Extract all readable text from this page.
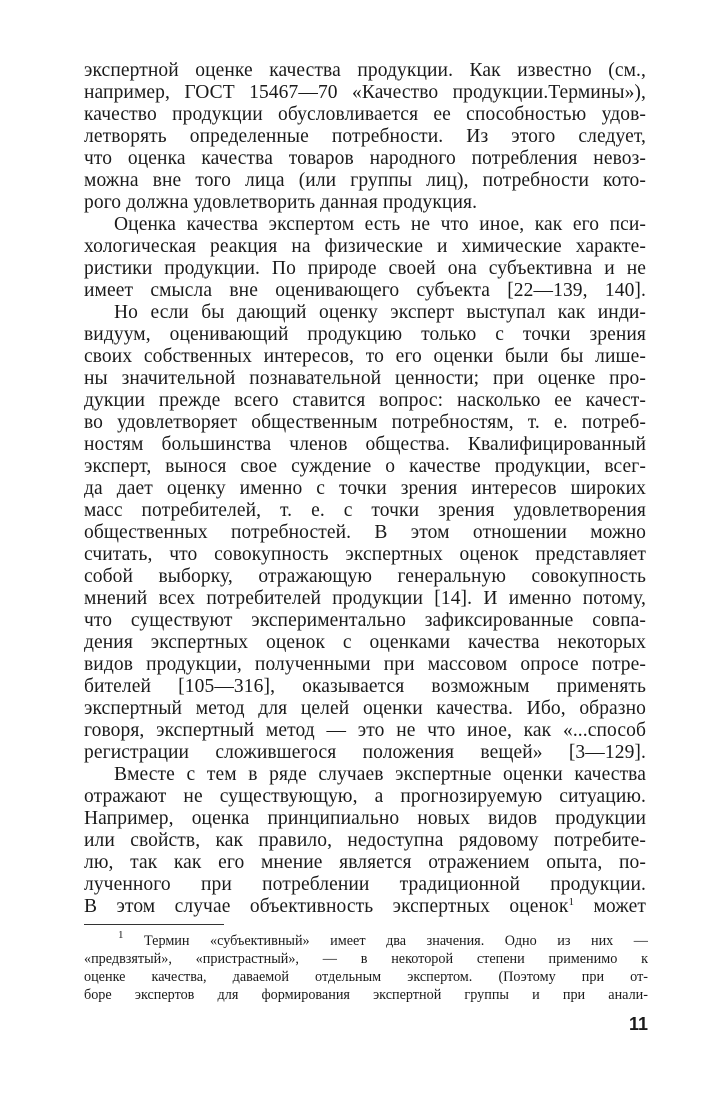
экспертной оценке качества продукции. Как известно (см.,
например, ГОСТ 15467—70 «Качество продукции.Термины»),
качество продукции обусловливается ее способностью удов-
летворять определенные потребности. Из этого следует,
что оценка качества товаров народного потребления невоз-
можна вне того лица (или группы лиц), потребности кото-
рого должна удовлетворить данная продукция.
Оценка качества экспертом есть не что иное, как его пси-
хологическая реакция на физические и химические характе-
ристики продукции. По природе своей она субъективна и не
имеет смысла вне оценивающего субъекта [22—139, 140].
Но если бы дающий оценку эксперт выступал как инди-
видуум, оценивающий продукцию только с точки зрения
своих собственных интересов, то его оценки были бы лише-
ны значительной познавательной ценности; при оценке про-
дукции прежде всего ставится вопрос: насколько ее качест-
во удовлетворяет общественным потребностям, т. е. потреб-
ностям большинства членов общества. Квалифицированный
эксперт, вынося свое суждение о качестве продукции, всег-
да дает оценку именно с точки зрения интересов широких
масс потребителей, т. е. с точки зрения удовлетворения
общественных потребностей. В этом отношении можно
считать, что совокупность экспертных оценок представляет
собой выборку, отражающую генеральную совокупность
мнений всех потребителей продукции [14]. И именно потому,
что существуют экспериментально зафиксированные совпа-
дения экспертных оценок с оценками качества некоторых
видов продукции, полученными при массовом опросе потре-
бителей [105—316], оказывается возможным применять
экспертный метод для целей оценки качества. Ибо, образно
говоря, экспертный метод — это не что иное, как «...способ
регистрации сложившегося положения вещей» [3—129].
Вместе с тем в ряде случаев экспертные оценки качества
отражают не существующую, а прогнозируемую ситуацию.
Например, оценка принципиально новых видов продукции
или свойств, как правило, недоступна рядовому потребите-
лю, так как его мнение является отражением опыта, по-
лученного при потреблении традиционной продукции.
В этом случае объективность экспертных оценок$^1$ может
$^1$ Термин «субъективный» имеет два значения. Одно из них —
«предвзятый», «пристрастный», — в некоторой степени применимо к
оценке качества, даваемой отдельным экспертом. (Поэтому при от-
боре экспертов для формирования экспертной группы и при анали-
11
